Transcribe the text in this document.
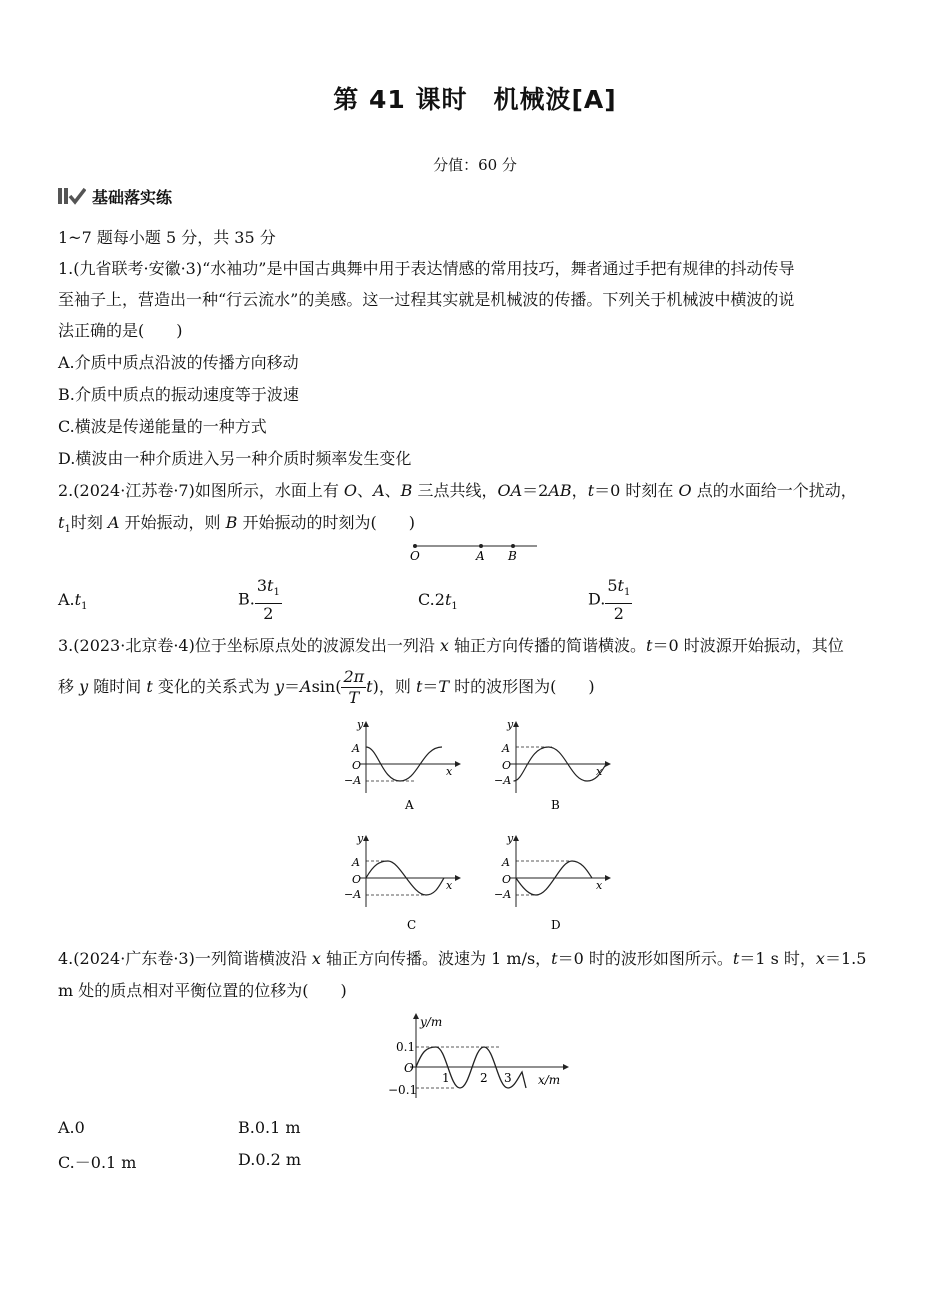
第 41 课时　机械波[A]
分值：60 分
基础落实练
1~7 题每小题 5 分，共 35 分
1.(九省联考·安徽·3)“水袖功”是中国古典舞中用于表达情感的常用技巧，舞者通过手把有规律的抖动传导
至袖子上，营造出一种“行云流水”的美感。这一过程其实就是机械波的传播。下列关于机械波中横波的说
法正确的是(　　)
A.介质中质点沿波的传播方向移动
B.介质中质点的振动速度等于波速
C.横波是传递能量的一种方式
D.横波由一种介质进入另一种介质时频率发生变化
2.(2024·江苏卷·7)如图所示，水面上有 O、A、B 三点共线，OA＝2AB，t＝0 时刻在 O 点的水面给一个扰动，
$t_1$时刻 A 开始振动，则 B 开始振动的时刻为(　　)
O	A B
$A.t_1$	B. $\frac{3t_1}{2}$	$C.2t_1$	D. $\frac{5t_1}{2}$
3.(2023·北京卷·4)位于坐标原点处的波源发出一列沿 x 轴正方向传播的简谐横波。t＝0 时波源开始振动，其位
移 y 随时间 t 变化的关系式为 $y=Asin( \frac{2\pi}{T} t)$，则 t＝T 时的波形图为(　　)
y
x
A
O
−A
A
y
x
A
O
−A
B
y
x
A
O
−A
C
y
x
A
O
−A
D
4.(2024·广东卷·3)一列简谐横波沿 x 轴正方向传播。波速为 1 m/s，t＝0 时的波形如图所示。t＝1 s 时，x＝1.5
m 处的质点相对平衡位置的位移为(　　)
y/m
x/m
0.1
O
−0.1
1	2 3
A.0	B.0.1 m
C.－0.1 m	D.0.2 m
